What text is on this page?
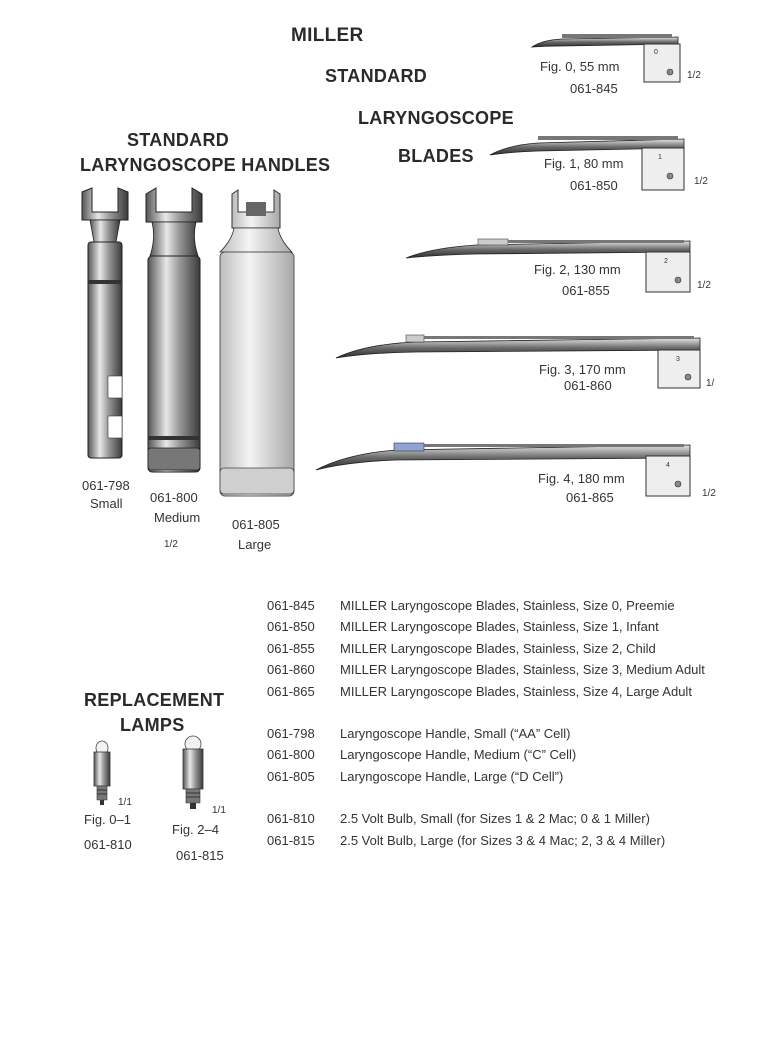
MILLER
STANDARD
LARYNGOSCOPE
BLADES
STANDARD
LARYNGOSCOPE HANDLES
0
1
2
3
4
Fig. 0, 55 mm
061-845
1/2
Fig. 1, 80 mm
061-850	1/2
Fig. 2, 130 mm
061-855	1/2
Fig. 3, 170 mm
061-860	1/
Fig. 4, 180 mm
061-865	1/2
061-798
Small 061-800
Medium
1/2
061-805
Large
061-845 MILLER Laryngoscope Blades, Stainless, Size 0, Preemie
061-850 MILLER Laryngoscope Blades, Stainless, Size 1, Infant
061-855 MILLER Laryngoscope Blades, Stainless, Size 2, Child
061-860 MILLER Laryngoscope Blades, Stainless, Size 3, Medium Adult
061-865 MILLER Laryngoscope Blades, Stainless, Size 4, Large Adult
061-798 Laryngoscope Handle, Small (“AA” Cell)
061-800 Laryngoscope Handle, Medium (“C” Cell)
061-805 Laryngoscope Handle, Large (“D Cell”)
061-810 2.5 Volt Bulb, Small (for Sizes 1 & 2 Mac; 0 & 1 Miller)
061-815 2.5 Volt Bulb, Large (for Sizes 3 & 4 Mac; 2, 3 & 4 Miller)
REPLACEMENT
LAMPS
1/1
Fig. 0–1
061-810
1/1
Fig. 2–4
061-815
